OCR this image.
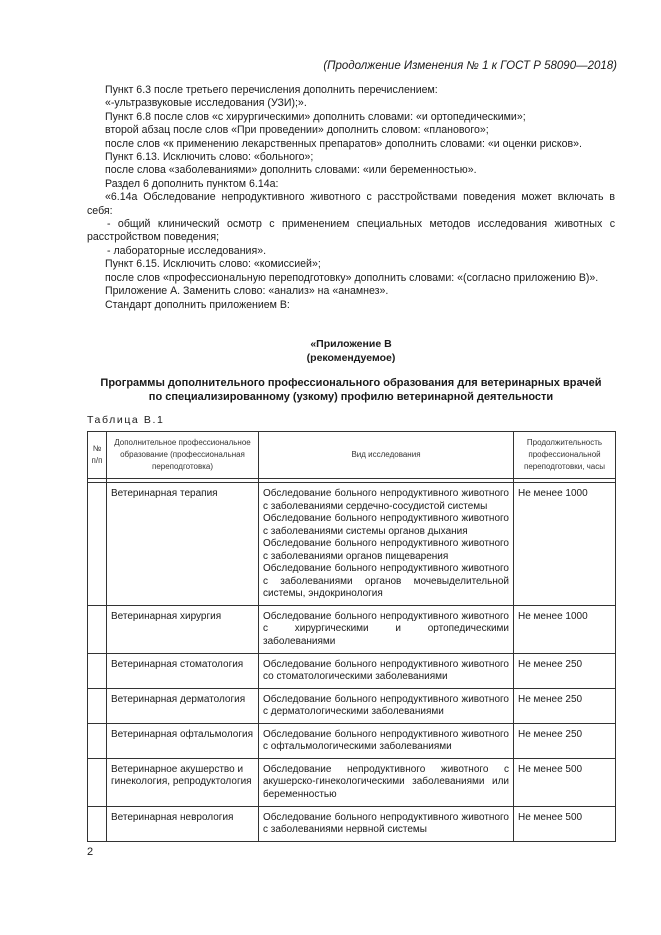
(Продолжение Изменения № 1 к ГОСТ Р 58090—2018)

Пункт 6.3 после третьего перечисления дополнить перечислением:

«-ультразвуковые исследования (УЗИ);».

Пункт 6.8 после слов «с хирургическими» дополнить словами: «и ортопедическими»;

второй абзац после слов «При проведении» дополнить словом: «планового»;

после слов «к применению лекарственных препаратов» дополнить словами: «и оценки рисков».

Пункт 6.13. Исключить слово: «больного»;

после слова «заболеваниями» дополнить словами: «или беременностью».

Раздел 6 дополнить пунктом 6.14а:

«6.14а Обследование непродуктивного животного с расстройствами поведения может включать в себя:

- общий клинический осмотр с применением специальных методов исследования животных с расстройством поведения;

- лабораторные исследования».

Пункт 6.15. Исключить слово: «комиссией»;

после слов «профессиональную переподготовку» дополнить словами: «(согласно приложению В)».

Приложение А. Заменить слово: «анализ» на «анамнез».

Стандарт дополнить приложением В:

«Приложение В
(рекомендуемое)
Программы дополнительного профессионального образования для ветеринарных врачей
по специализированному (узкому) профилю ветеринарной деятельности
Таблица В.1
№ п/п	Дополнительное профессиональное образование (профессиональная переподготовка)	Вид исследования	Продолжительность профессиональной переподготовки, часы

	Ветеринарная терапия	Обследование больного непродуктивного животного с заболеваниями сердечно-сосудистой системы
Обследование больного непродуктивного животного с заболеваниями системы органов дыхания
Обследование больного непродуктивного животного с заболеваниями органов пищеварения
Обследование больного непродуктивного животного с заболеваниями органов мочевыделительной системы, эндокринология	Не менее 1000
	Ветеринарная хирургия	Обследование больного непродуктивного животного с хирургическими и ортопедическими заболеваниями	Не менее 1000
	Ветеринарная стоматология	Обследование больного непродуктивного животного со стоматологическими заболеваниями	Не менее 250
	Ветеринарная дерматология	Обследование больного непродуктивного животного с дерматологическими заболеваниями	Не менее 250
	Ветеринарная офтальмология	Обследование больного непродуктивного животного с офтальмологическими заболеваниями	Не менее 250
	Ветеринарное акушерство и гинекология, репродуктология	Обследование непродуктивного животного с акушерско-гинекологическими заболеваниями или беременностью	Не менее 500
	Ветеринарная неврология	Обследование больного непродуктивного животного с заболеваниями нервной системы	Не менее 500
2
